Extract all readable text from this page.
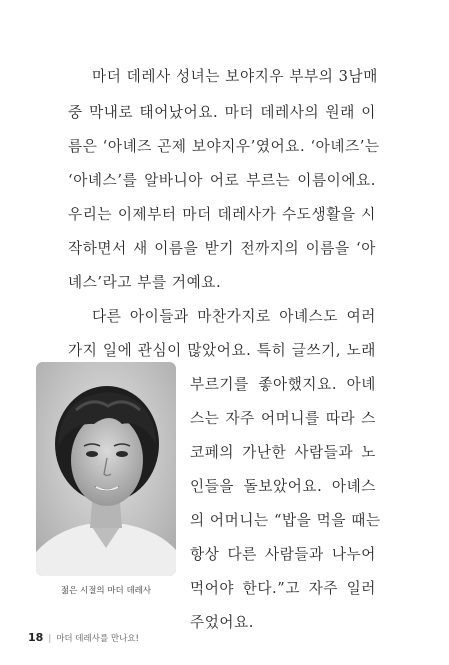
마더 데레사 성녀는 보야지우 부부의 3남매
중 막내로 태어났어요. 마더 데레사의 원래 이
름은 ‘아녜즈 곤제 보야지우’였어요. ‘아녜즈’는
‘아녜스’를 알바니아 어로 부르는 이름이에요.
우리는 이제부터 마더 데레사가 수도생활을 시
작하면서 새 이름을 받기 전까지의 이름을 ‘아
녜스’라고 부를 거예요.
다른 아이들과 마찬가지로 아녜스도 여러
가지 일에 관심이 많았어요. 특히 글쓰기, 노래
부르기를 좋아했지요. 아녜
스는 자주 어머니를 따라 스
코페의 가난한 사람들과 노
인들을 돌보았어요. 아녜스
의 어머니는 “밥을 먹을 때는
항상 다른 사람들과 나누어
먹어야 한다.”고 자주 일러
주었어요.
젊은 시절의 마더 데레사
18 | 마더 데레사를 만나요!
